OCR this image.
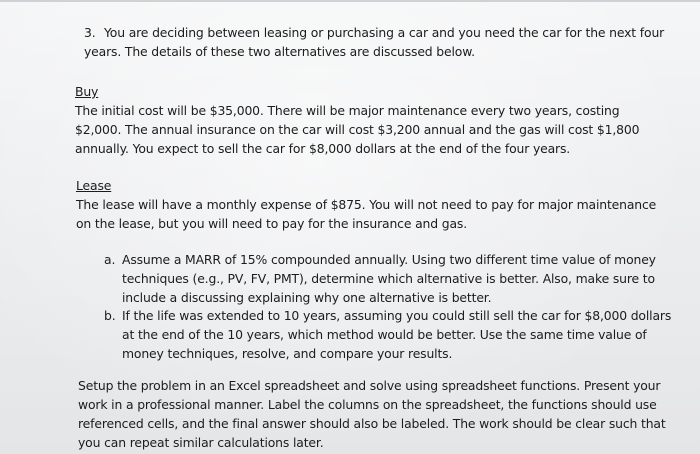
3. You are deciding between leasing or purchasing a car and you need the car for the next four
years. The details of these two alternatives are discussed below.
Buy
The initial cost will be $35,000. There will be major maintenance every two years, costing
$2,000. The annual insurance on the car will cost $3,200 annual and the gas will cost $1,800
annually. You expect to sell the car for $8,000 dollars at the end of the four years.
Lease
The lease will have a monthly expense of $875. You will not need to pay for major maintenance
on the lease, but you will need to pay for the insurance and gas.
a. Assume a MARR of 15% compounded annually. Using two different time value of money
techniques (e.g., PV, FV, PMT), determine which alternative is better. Also, make sure to
include a discussing explaining why one alternative is better.
b. If the life was extended to 10 years, assuming you could still sell the car for $8,000 dollars
at the end of the 10 years, which method would be better. Use the same time value of
money techniques, resolve, and compare your results.
Setup the problem in an Excel spreadsheet and solve using spreadsheet functions. Present your
work in a professional manner. Label the columns on the spreadsheet, the functions should use
referenced cells, and the final answer should also be labeled. The work should be clear such that
you can repeat similar calculations later.
